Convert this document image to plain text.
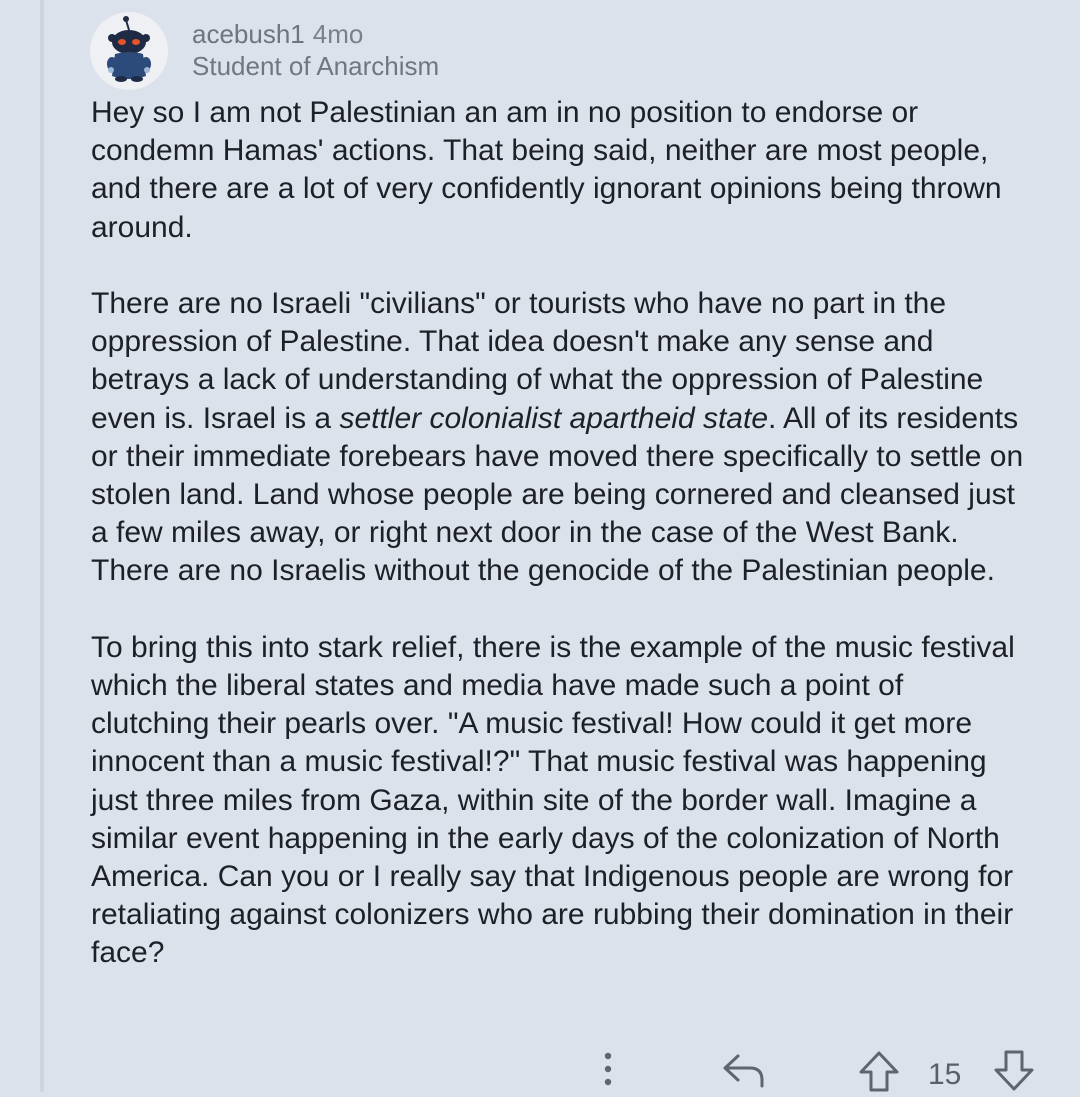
acebush1 4mo
Student of Anarchism

Hey so I am not Palestinian an am in no position to endorse or condemn Hamas' actions. That being said, neither are most people, and there are a lot of very confidently ignorant opinions being thrown around.

There are no Israeli "civilians" or tourists who have no part in the oppression of Palestine. That idea doesn't make any sense and betrays a lack of understanding of what the oppression of Palestine even is. Israel is a settler colonialist apartheid state. All of its residents or their immediate forebears have moved there specifically to settle on stolen land. Land whose people are being cornered and cleansed just a few miles away, or right next door in the case of the West Bank. There are no Israelis without the genocide of the Palestinian people.

To bring this into stark relief, there is the example of the music festival which the liberal states and media have made such a point of clutching their pearls over. "A music festival! How could it get more innocent than a music festival!?" That music festival was happening just three miles from Gaza, within site of the border wall. Imagine a similar event happening in the early days of the colonization of North America. Can you or I really say that Indigenous people are wrong for retaliating against colonizers who are rubbing their domination in their face?

15
